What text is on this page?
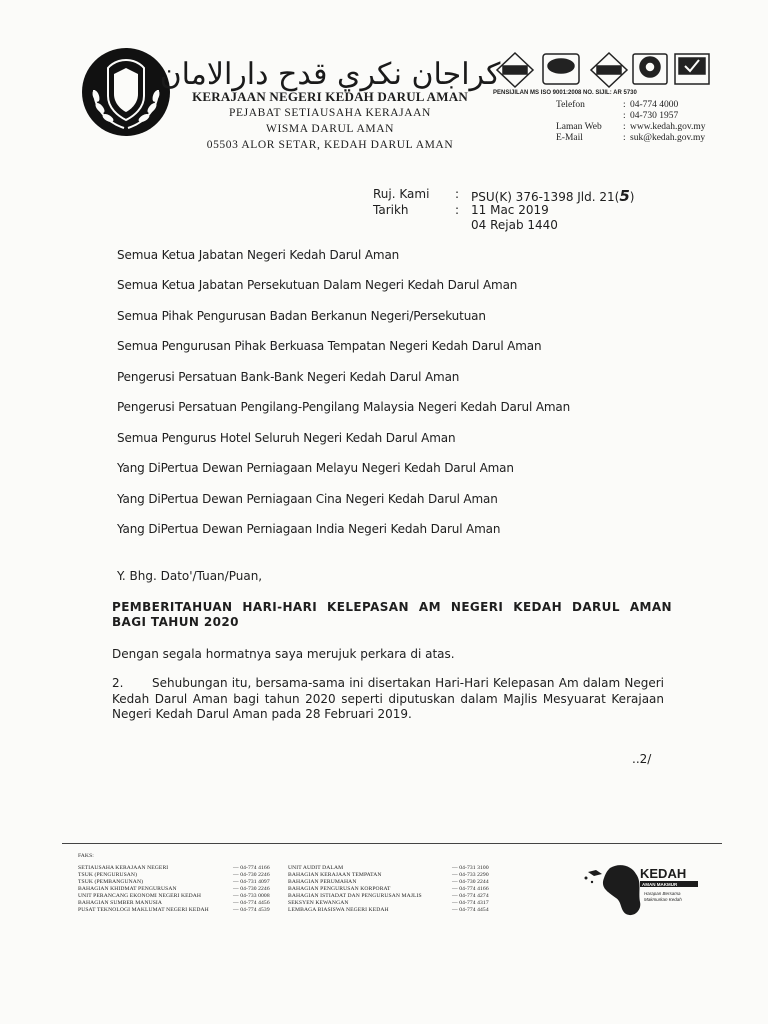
كراجان نكري قدح دارالامان
KERAJAAN NEGERI KEDAH DARUL AMAN
PEJABAT SETIAUSAHA KERAJAAN
WISMA DARUL AMAN
05503 ALOR SETAR, KEDAH DARUL AMAN
PENSIJILAN MS ISO 9001:2008 NO. SIJIL: AR 5730
Telefon	: 04-774 4000
: 04-730 1957
Laman Web : www.kedah.gov.my
E-Mail	: suk@kedah.gov.my
Ruj. Kami : PSU(K) 376-1398 Jld. 21(5)
Tarikh	: 11 Mac 2019
04 Rejab 1440
Semua Ketua Jabatan Negeri Kedah Darul Aman
Semua Ketua Jabatan Persekutuan Dalam Negeri Kedah Darul Aman
Semua Pihak Pengurusan Badan Berkanun Negeri/Persekutuan
Semua Pengurusan Pihak Berkuasa Tempatan Negeri Kedah Darul Aman
Pengerusi Persatuan Bank-Bank Negeri Kedah Darul Aman
Pengerusi Persatuan Pengilang-Pengilang Malaysia Negeri Kedah Darul Aman
Semua Pengurus Hotel Seluruh Negeri Kedah Darul Aman
Yang DiPertua Dewan Perniagaan Melayu Negeri Kedah Darul Aman
Yang DiPertua Dewan Perniagaan Cina Negeri Kedah Darul Aman
Yang DiPertua Dewan Perniagaan India Negeri Kedah Darul Aman
Y. Bhg. Dato'/Tuan/Puan,
PEMBERITAHUAN HARI-HARI KELEPASAN AM NEGERI KEDAH DARUL AMAN BAGI TAHUN 2020
Dengan segala hormatnya saya merujuk perkara di atas.
2. Sehubungan itu, bersama-sama ini disertakan Hari-Hari Kelepasan Am dalam Negeri Kedah Darul Aman bagi tahun 2020 seperti diputuskan dalam Majlis Mesyuarat Kerajaan Negeri Kedah Darul Aman pada 28 Februari 2019.
..2/
FAKS:
SETIAUSAHA KERAJAAN NEGERI	— 04-774 4166
TSUK (PENGURUSAN)	— 04-730 2246
TSUK (PEMBANGUNAN)	— 04-731 4097
BAHAGIAN KHIDMAT PENGURUSAN	— 04-730 2246
UNIT PERANCANG EKONOMI NEGERI KEDAH	— 04-733 0008
BAHAGIAN SUMBER MANUSIA	— 04-774 4456
PUSAT TEKNOLOGI MAKLUMAT NEGERI KEDAH	— 04-774 4539
UNIT AUDIT DALAM	— 04-731 3100
BAHAGIAN KERAJAAN TEMPATAN	— 04-733 2290
BAHAGIAN PERUMAHAN	— 04-730 2244
BAHAGIAN PENGURUSAN KORPORAT	— 04-774 4166
BAHAGIAN ISTIADAT DAN PENGURUSAN MAJLIS	— 04-774 4274
SEKSYEN KEWANGAN	— 04-774 4317
LEMBAGA BIASISWA NEGERI KEDAH	— 04-774 4454
KEDAH
AMAN MAKMUR
Harapan Bersama
Makmurkan Kedah
